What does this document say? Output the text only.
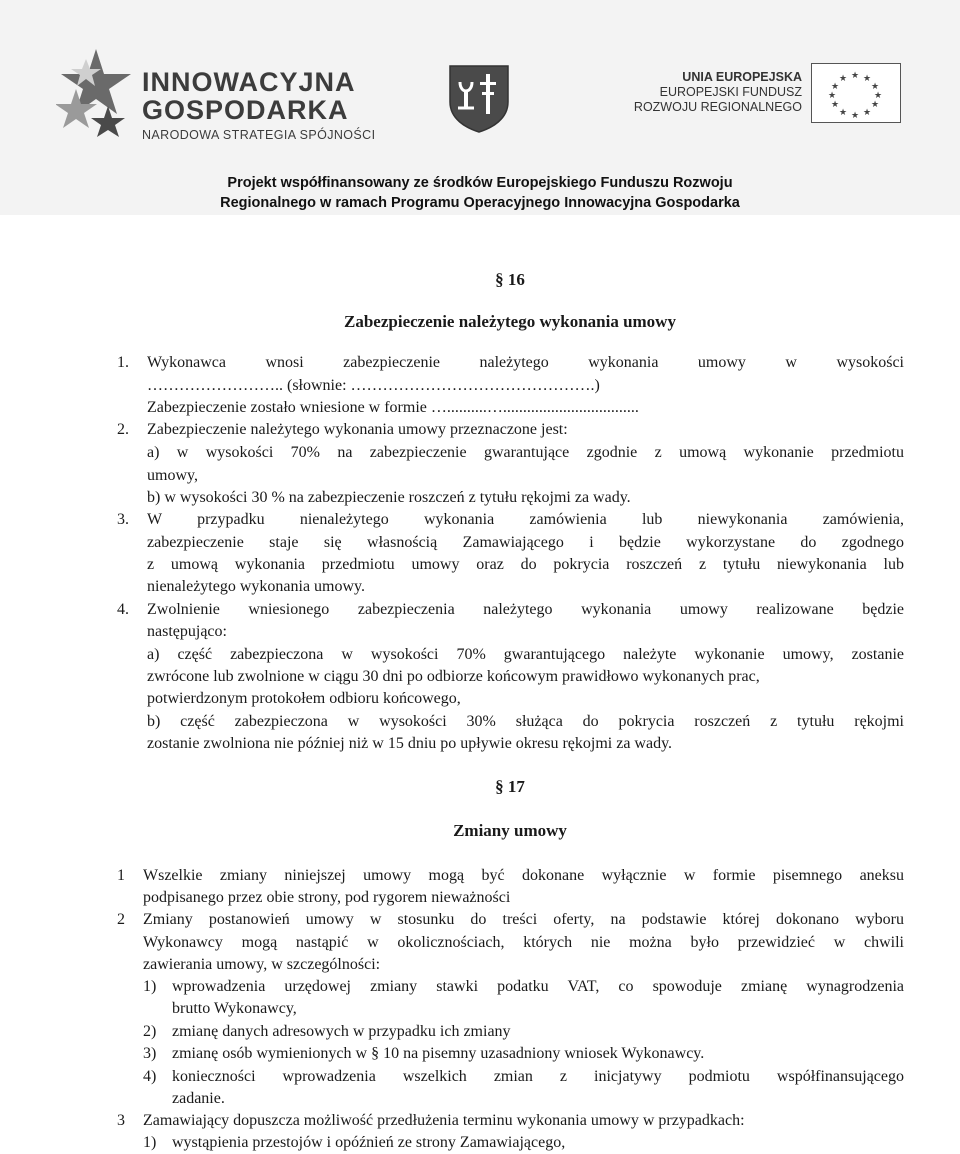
INNOWACYJNA
GOSPODARKA
NARODOWA STRATEGIA SPÓJNOŚCI
UNIA EUROPEJSKA
EUROPEJSKI FUNDUSZ
ROZWOJU REGIONALNEGO
★ ★
★
★
★
★
★
★
★
★
★
★
Projekt współfinansowany ze środków Europejskiego Funduszu Rozwoju
Regionalnego w ramach Programu Operacyjnego Innowacyjna Gospodarka
§ 16
Zabezpieczenie należytego wykonania umowy
1. Wykonawca wnosi zabezpieczenie należytego wykonania umowy w wysokości
…………………….. (słownie: ……………………………………….)
Zabezpieczenie zostało wniesione w formie …..........…..................................
2. Zabezpieczenie należytego wykonania umowy przeznaczone jest:
a) w wysokości 70% na zabezpieczenie gwarantujące zgodnie z umową wykonanie przedmiotu
umowy,
b) w wysokości 30 % na zabezpieczenie roszczeń z tytułu rękojmi za wady.
3. W przypadku nienależytego wykonania zamówienia lub niewykonania zamówienia,
zabezpieczenie staje się własnością Zamawiającego i będzie wykorzystane do zgodnego
z umową wykonania przedmiotu umowy oraz do pokrycia roszczeń z tytułu niewykonania lub
nienależytego wykonania umowy.
4. Zwolnienie wniesionego zabezpieczenia należytego wykonania umowy realizowane będzie
następująco:
a) część zabezpieczona w wysokości 70% gwarantującego należyte wykonanie umowy, zostanie
zwrócone lub zwolnione w ciągu 30 dni po odbiorze końcowym prawidłowo wykonanych prac,
potwierdzonym protokołem odbioru końcowego,
b) część zabezpieczona w wysokości 30% służąca do pokrycia roszczeń z tytułu rękojmi
zostanie zwolniona nie później niż w 15 dniu po upływie okresu rękojmi za wady.
§ 17
Zmiany umowy
1 Wszelkie zmiany niniejszej umowy mogą być dokonane wyłącznie w formie pisemnego aneksu
podpisanego przez obie strony, pod rygorem nieważności
2 Zmiany postanowień umowy w stosunku do treści oferty, na podstawie której dokonano wyboru
Wykonawcy mogą nastąpić w okolicznościach, których nie można było przewidzieć w chwili
zawierania umowy, w szczególności:
1) wprowadzenia urzędowej zmiany stawki podatku VAT, co spowoduje zmianę wynagrodzenia
brutto Wykonawcy,
2) zmianę danych adresowych w przypadku ich zmiany
3) zmianę osób wymienionych w § 10 na pisemny uzasadniony wniosek Wykonawcy.
4) konieczności wprowadzenia wszelkich zmian z inicjatywy podmiotu współfinansującego
zadanie.
3 Zamawiający dopuszcza możliwość przedłużenia terminu wykonania umowy w przypadkach:
1) wystąpienia przestojów i opóźnień ze strony Zamawiającego,
